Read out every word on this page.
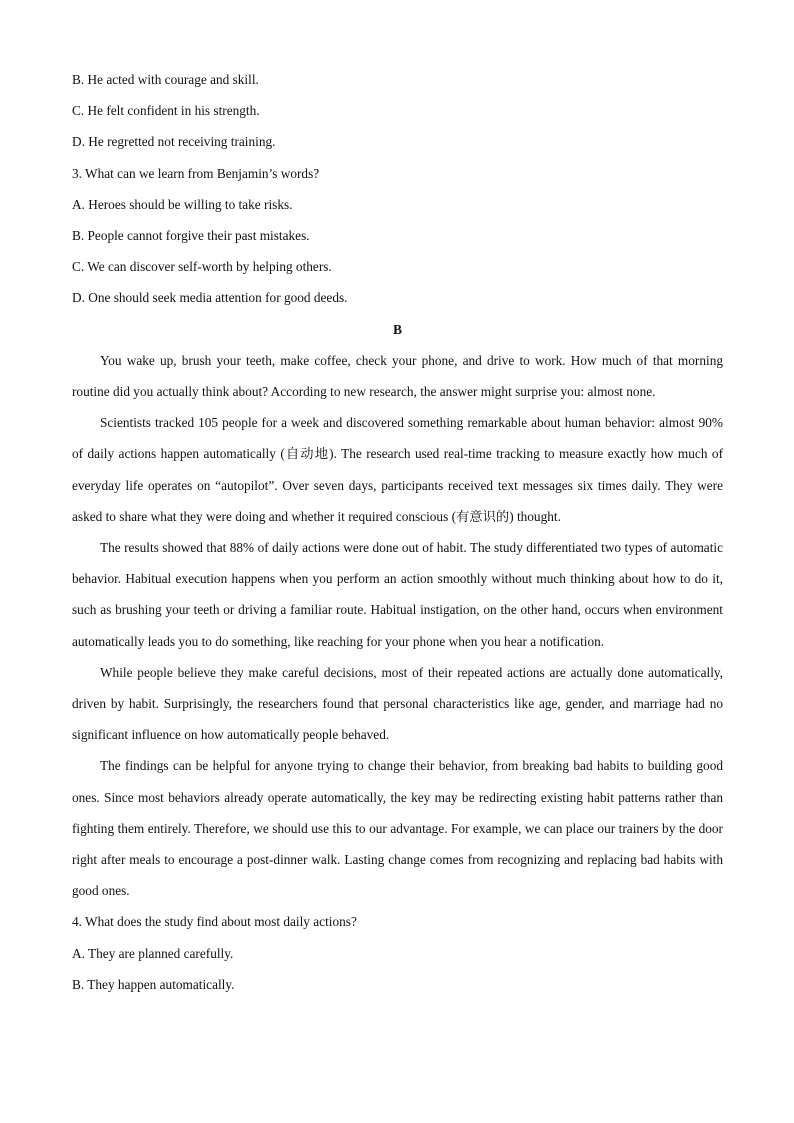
B. He acted with courage and skill.

C. He felt confident in his strength.

D. He regretted not receiving training.

3. What can we learn from Benjamin’s words?

A. Heroes should be willing to take risks.

B. People cannot forgive their past mistakes.

C. We can discover self-worth by helping others.

D. One should seek media attention for good deeds.

B

You wake up, brush your teeth, make coffee, check your phone, and drive to work. How much of that morning routine did you actually think about? According to new research, the answer might surprise you: almost none.

Scientists tracked 105 people for a week and discovered something remarkable about human behavior: almost 90% of daily actions happen automatically (自动地). The research used real-time tracking to measure exactly how much of everyday life operates on “autopilot”. Over seven days, participants received text messages six times daily. They were asked to share what they were doing and whether it required conscious (有意识的) thought.

The results showed that 88% of daily actions were done out of habit. The study differentiated two types of automatic behavior. Habitual execution happens when you perform an action smoothly without much thinking about how to do it, such as brushing your teeth or driving a familiar route. Habitual instigation, on the other hand, occurs when environment automatically leads you to do something, like reaching for your phone when you hear a notification.

While people believe they make careful decisions, most of their repeated actions are actually done automatically, driven by habit. Surprisingly, the researchers found that personal characteristics like age, gender, and marriage had no significant influence on how automatically people behaved.

The findings can be helpful for anyone trying to change their behavior, from breaking bad habits to building good ones. Since most behaviors already operate automatically, the key may be redirecting existing habit patterns rather than fighting them entirely. Therefore, we should use this to our advantage. For example, we can place our trainers by the door right after meals to encourage a post-dinner walk. Lasting change comes from recognizing and replacing bad habits with good ones.

4. What does the study find about most daily actions?

A. They are planned carefully.

B. They happen automatically.
